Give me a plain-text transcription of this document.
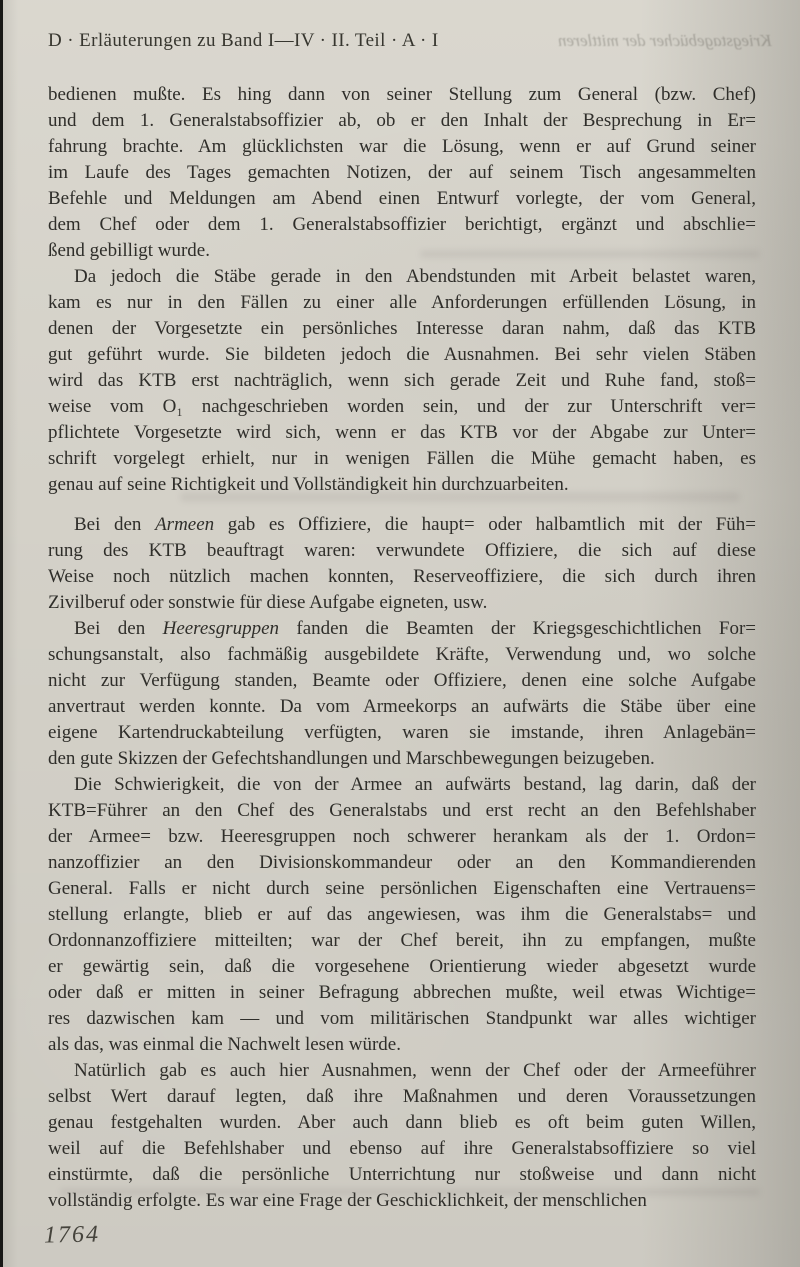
Kriegstagebücher der mittleren
D · Erläuterungen zu Band I—IV · II. Teil · A · I
bedienen mußte. Es hing dann von seiner Stellung zum General (bzw. Chef)
und dem 1. Generalstabsoffizier ab, ob er den Inhalt der Besprechung in Er=
fahrung brachte. Am glücklichsten war die Lösung, wenn er auf Grund seiner
im Laufe des Tages gemachten Notizen, der auf seinem Tisch angesammelten
Befehle und Meldungen am Abend einen Entwurf vorlegte, der vom General,
dem Chef oder dem 1. Generalstabsoffizier berichtigt, ergänzt und abschlie=
ßend gebilligt wurde.
Da jedoch die Stäbe gerade in den Abendstunden mit Arbeit belastet waren,
kam es nur in den Fällen zu einer alle Anforderungen erfüllenden Lösung, in
denen der Vorgesetzte ein persönliches Interesse daran nahm, daß das KTB
gut geführt wurde. Sie bildeten jedoch die Ausnahmen. Bei sehr vielen Stäben
wird das KTB erst nachträglich, wenn sich gerade Zeit und Ruhe fand, stoß=
weise vom O₁ nachgeschrieben worden sein, und der zur Unterschrift ver=
pflichtete Vorgesetzte wird sich, wenn er das KTB vor der Abgabe zur Unter=
schrift vorgelegt erhielt, nur in wenigen Fällen die Mühe gemacht haben, es
genau auf seine Richtigkeit und Vollständigkeit hin durchzuarbeiten.
Bei den Armeen gab es Offiziere, die haupt= oder halbamtlich mit der Füh=
rung des KTB beauftragt waren: verwundete Offiziere, die sich auf diese
Weise noch nützlich machen konnten, Reserveoffiziere, die sich durch ihren
Zivilberuf oder sonstwie für diese Aufgabe eigneten, usw.
Bei den Heeresgruppen fanden die Beamten der Kriegsgeschichtlichen For=
schungsanstalt, also fachmäßig ausgebildete Kräfte, Verwendung und, wo solche
nicht zur Verfügung standen, Beamte oder Offiziere, denen eine solche Aufgabe
anvertraut werden konnte. Da vom Armeekorps an aufwärts die Stäbe über eine
eigene Kartendruckabteilung verfügten, waren sie imstande, ihren Anlagebän=
den gute Skizzen der Gefechtshandlungen und Marschbewegungen beizugeben.
Die Schwierigkeit, die von der Armee an aufwärts bestand, lag darin, daß der
KTB=Führer an den Chef des Generalstabs und erst recht an den Befehlshaber
der Armee= bzw. Heeresgruppen noch schwerer herankam als der 1. Ordon=
nanzoffizier an den Divisionskommandeur oder an den Kommandierenden
General. Falls er nicht durch seine persönlichen Eigenschaften eine Vertrauens=
stellung erlangte, blieb er auf das angewiesen, was ihm die Generalstabs= und
Ordonnanzoffiziere mitteilten; war der Chef bereit, ihn zu empfangen, mußte
er gewärtig sein, daß die vorgesehene Orientierung wieder abgesetzt wurde
oder daß er mitten in seiner Befragung abbrechen mußte, weil etwas Wichtige=
res dazwischen kam — und vom militärischen Standpunkt war alles wichtiger
als das, was einmal die Nachwelt lesen würde.
Natürlich gab es auch hier Ausnahmen, wenn der Chef oder der Armeeführer
selbst Wert darauf legten, daß ihre Maßnahmen und deren Voraussetzungen
genau festgehalten wurden. Aber auch dann blieb es oft beim guten Willen,
weil auf die Befehlshaber und ebenso auf ihre Generalstabsoffiziere so viel
einstürmte, daß die persönliche Unterrichtung nur stoßweise und dann nicht
vollständig erfolgte. Es war eine Frage der Geschicklichkeit, der menschlichen
1764
